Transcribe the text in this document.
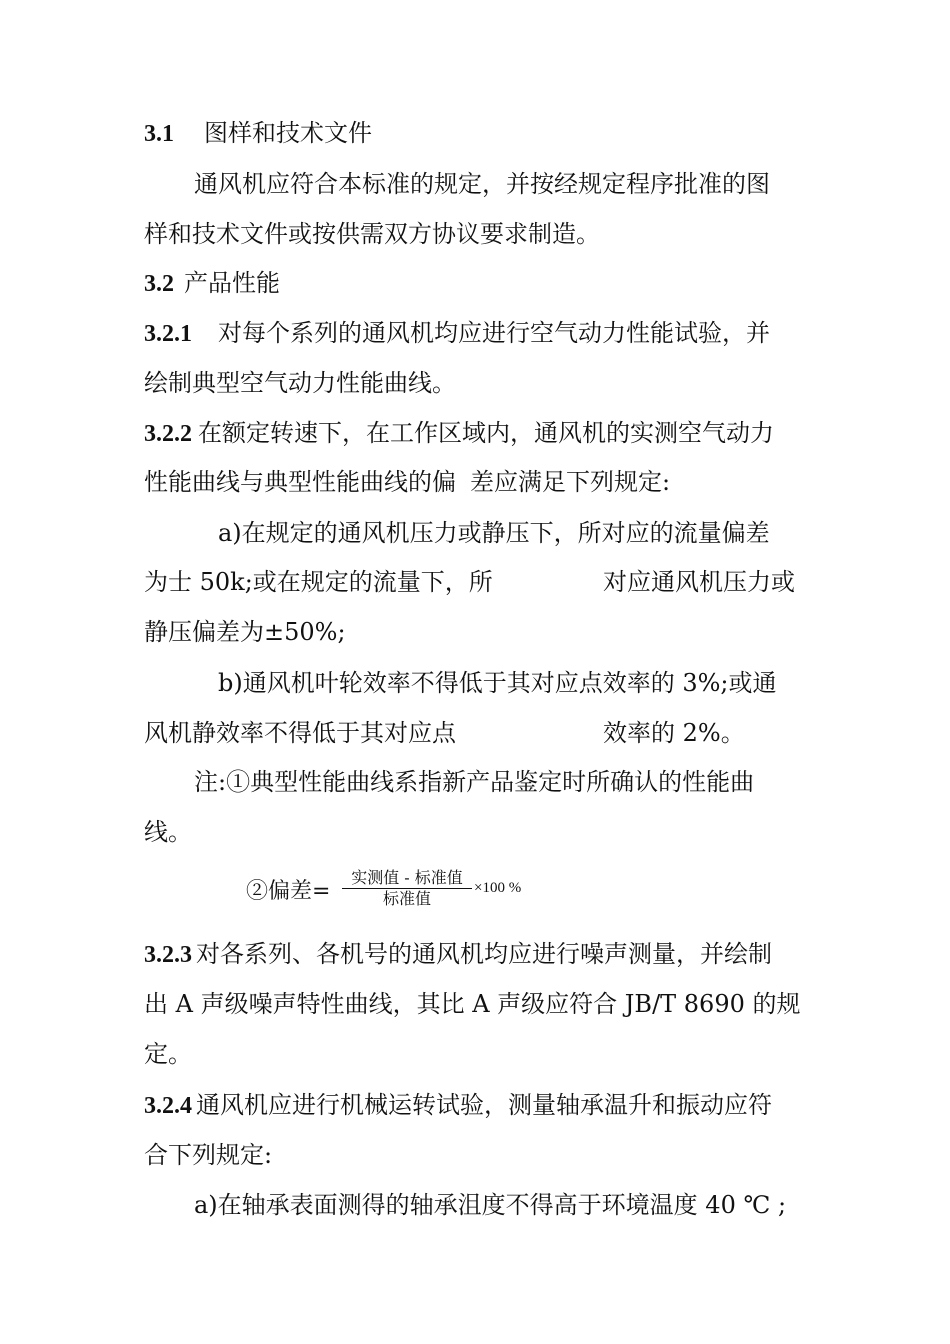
3.1 图样和技术文件
通风机应符合本标准的规定，并按经规定程序批准的图
样和技术文件或按供需双方协议要求制造。
3.2 产品性能
3.2.1 对每个系列的通风机均应进行空气动力性能试验，并
绘制典型空气动力性能曲线。
3.2.2 在额定转速下，在工作区域内，通风机的实测空气动力
性能曲线与典型性能曲线的偏 差应满足下列规定:
a)在规定的通风机压力或静压下，所对应的流量偏差
为士 50k;或在规定的流量下，所	对应通风机压力或
静压偏差为±50%;
b)通风机叶轮效率不得低于其对应点效率的 3%;或通
风机静效率不得低于其对应点	效率的 2%。
注:①典型性能曲线系指新产品鉴定时所确认的性能曲
线。
②偏差=
实测值 - 标准值
标准值
×100 %
3.2.3 对各系列、各机号的通风机均应进行噪声测量，并绘制
出 A 声级噪声特性曲线，其比 A 声级应符合 JB/T 8690 的规
定。
3.2.4 通风机应进行机械运转试验，测量轴承温升和振动应符
合下列规定:
a)在轴承表面测得的轴承沮度不得高于环境温度 40 ℃ ;
